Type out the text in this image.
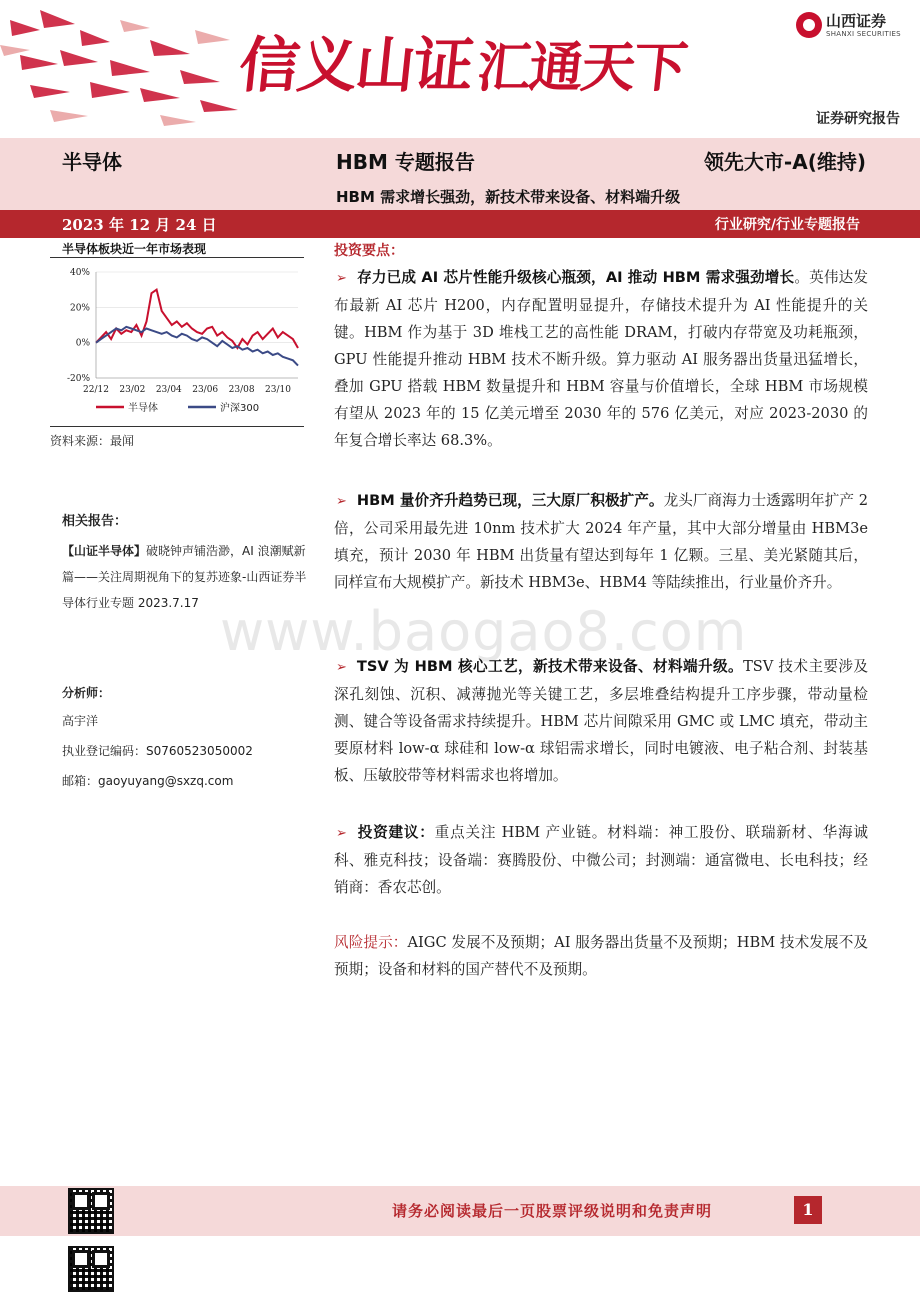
信义山证汇通天下
山西证券
SHANXI SECURITIES
证券研究报告
半导体	HBM 专题报告	领先大市-A(维持)
HBM 需求增长强劲，新技术带来设备、材料端升级
2023 年 12 月 24 日	行业研究/行业专题报告
半导体板块近一年市场表现
40%
20%
0%
-20%
22/12 23/02 23/04 23/06 23/08 23/10
半导体	沪深300
资料来源：最闻
相关报告：
【山证半导体】破晓钟声铺浩渺，AI 浪潮赋新篇——关注周期视角下的复苏迹象-山西证券半导体行业专题 2023.7.17
分析师：
高宇洋
执业登记编码：S0760523050002
邮箱：gaoyuyang@sxzq.com
www.baogao8.com
投资要点：
➢ 存力已成 AI 芯片性能升级核心瓶颈，AI 推动 HBM 需求强劲增长。英伟达发布最新 AI 芯片 H200，内存配置明显提升，存储技术提升为 AI 性能提升的关键。HBM 作为基于 3D 堆栈工艺的高性能 DRAM，打破内存带宽及功耗瓶颈，GPU 性能提升推动 HBM 技术不断升级。算力驱动 AI 服务器出货量迅猛增长，叠加 GPU 搭载 HBM 数量提升和 HBM 容量与价值增长，全球 HBM 市场规模有望从 2023 年的 15 亿美元增至 2030 年的 576 亿美元，对应 2023-2030 的年复合增长率达 68.3%。
➢ HBM 量价齐升趋势已现，三大原厂积极扩产。龙头厂商海力士透露明年扩产 2 倍，公司采用最先进 10nm 技术扩大 2024 年产量，其中大部分增量由 HBM3e 填充，预计 2030 年 HBM 出货量有望达到每年 1 亿颗。三星、美光紧随其后，同样宣布大规模扩产。新技术 HBM3e、HBM4 等陆续推出，行业量价齐升。
➢ TSV 为 HBM 核心工艺，新技术带来设备、材料端升级。TSV 技术主要涉及深孔刻蚀、沉积、减薄抛光等关键工艺，多层堆叠结构提升工序步骤，带动量检测、键合等设备需求持续提升。HBM 芯片间隙采用 GMC 或 LMC 填充，带动主要原材料 low-α 球硅和 low-α 球铝需求增长，同时电镀液、电子粘合剂、封装基板、压敏胶带等材料需求也将增加。
➢ 投资建议：重点关注 HBM 产业链。材料端：神工股份、联瑞新材、华海诚科、雅克科技；设备端：赛腾股份、中微公司；封测端：通富微电、长电科技；经销商：香农芯创。
风险提示：AIGC 发展不及预期；AI 服务器出货量不及预期；HBM 技术发展不及预期；设备和材料的国产替代不及预期。
请务必阅读最后一页股票评级说明和免责声明	1
